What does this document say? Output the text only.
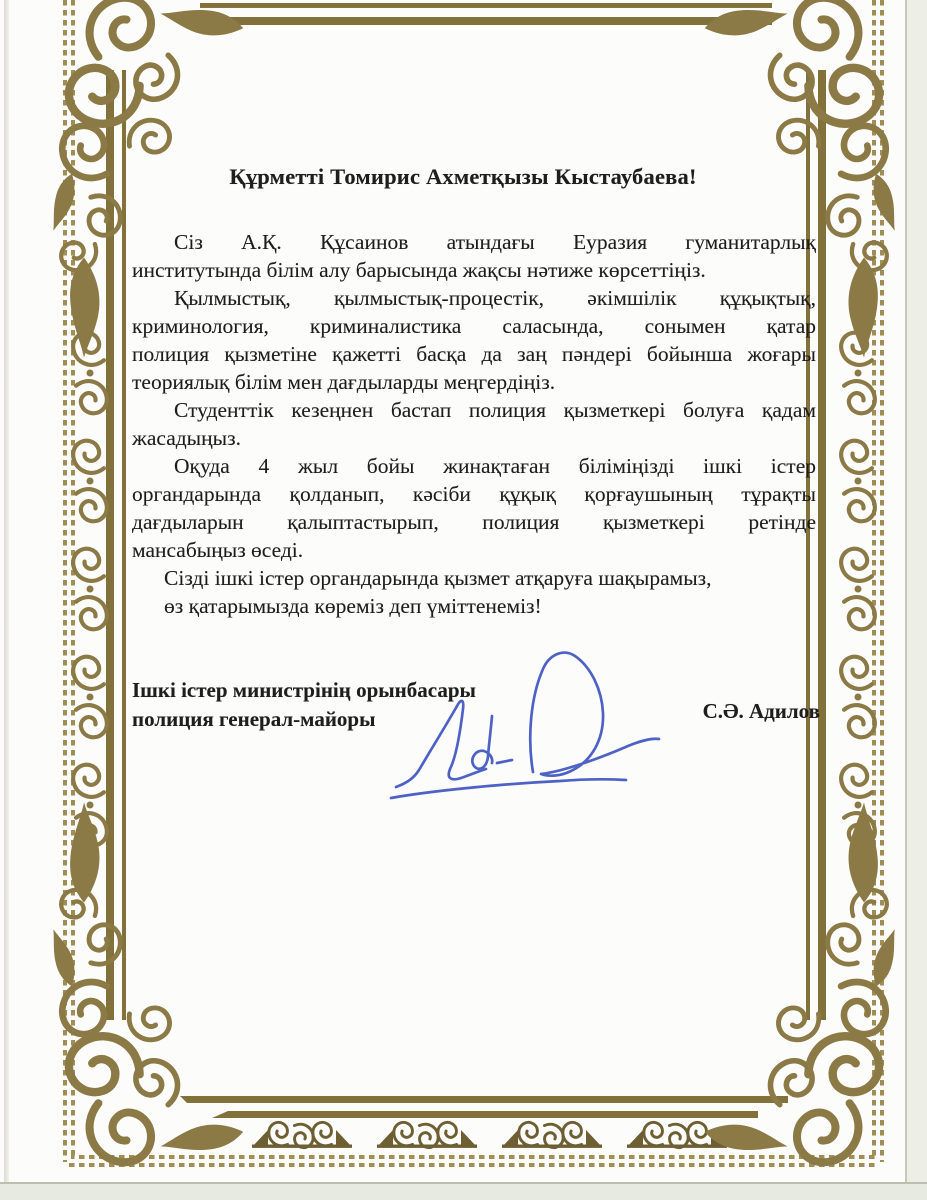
Құрметті Томирис Ахметқызы Кыстаубаева!
Сіз А.Қ. Құсаинов атындағы Еуразия гуманитарлық
институтында білім алу барысында жақсы нәтиже көрсеттіңіз.
Қылмыстық, қылмыстық-процестік, әкімшілік құқықтық,
криминология, криминалистика саласында, сонымен қатар
полиция қызметіне қажетті басқа да заң пәндері бойынша жоғары
теориялық білім мен дағдыларды меңгердіңіз.
Студенттік кезеңнен бастап полиция қызметкері болуға қадам
жасадыңыз.
Оқуда 4 жыл бойы жинақтаған біліміңізді ішкі істер
органдарында қолданып, кәсіби құқық қорғаушының тұрақты
дағдыларын қалыптастырып, полиция қызметкері ретінде
мансабыңыз өседі.
Сізді ішкі істер органдарында қызмет атқаруға шақырамыз,
өз қатарымызда көреміз деп үміттенеміз!
Ішкі істер министрінің орынбасары
полиция генерал-майоры	С.Ә. Адилов
